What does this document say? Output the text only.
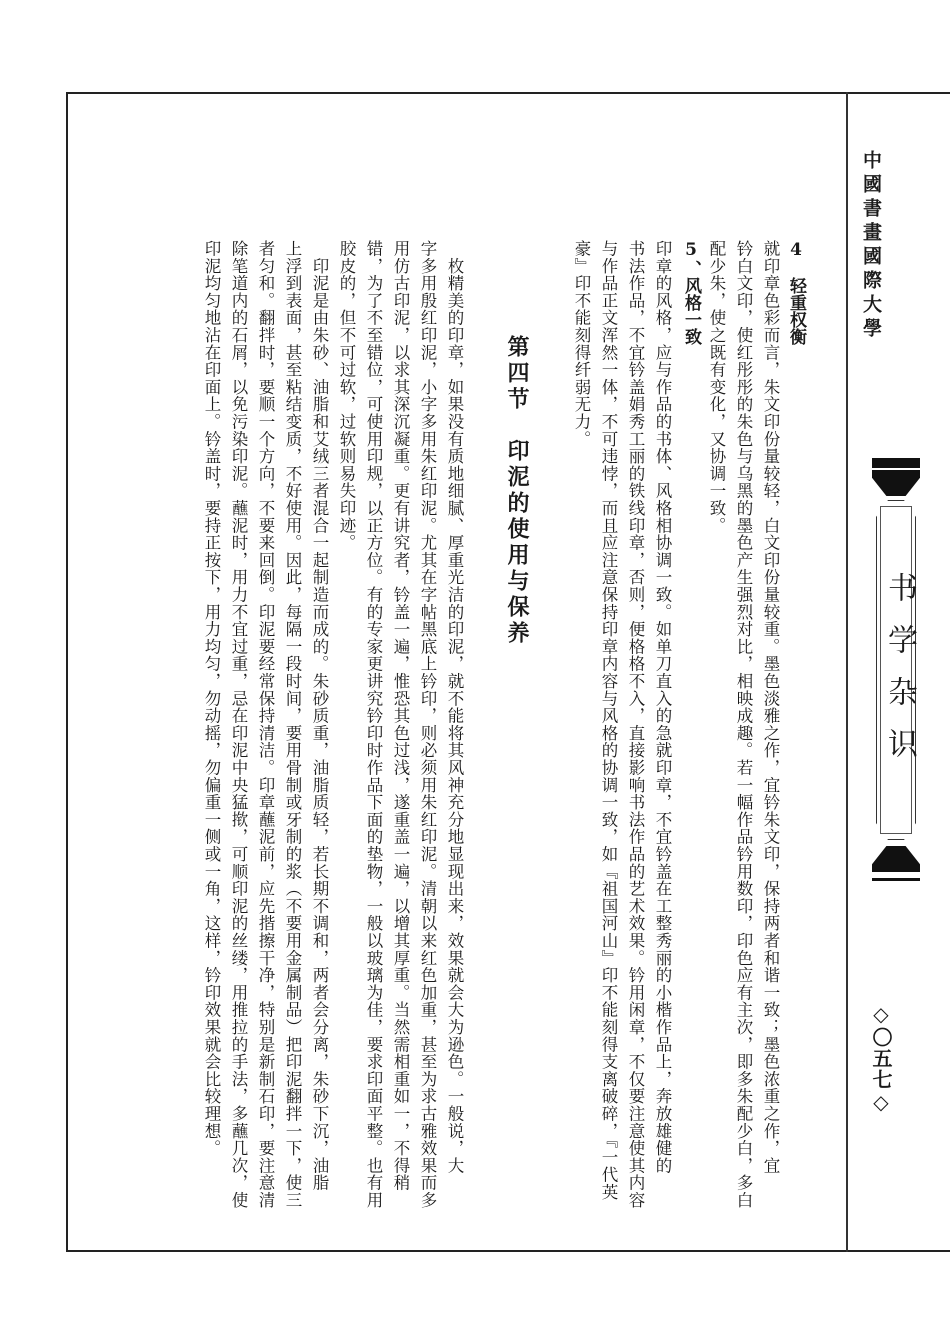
中國書畫國際大學
书学杂识
◇〇五七◇
4　轻重权衡
就印章色彩而言，朱文印份量较轻，白文印份量较重。墨色淡雅之作，宜钤朱文印，保持两者和谐一致；墨色浓重之作，宜
钤白文印，使红彤彤的朱色与乌黑的墨色产生强烈对比，相映成趣。若一幅作品钤用数印，印色应有主次，即多朱配少白，多白
配少朱，使之既有变化，又协调一致。
5、风格一致
印章的风格，应与作品的书体、风格相协调一致。如单刀直入的急就印章，不宜钤盖在工整秀丽的小楷作品上，奔放雄健的
书法作品，不宜钤盖娟秀工丽的铁线印章，否则，便格格不入，直接影响书法作品的艺术效果。钤用闲章，不仅要注意使其内容
与作品正文浑然一体，不可违悖，而且应注意保持印章内容与风格的协调一致，如『祖国河山』印不能刻得支离破碎，『一代英
豪』印不能刻得纤弱无力。
第四节　印泥的使用与保养
　枚精美的印章，如果没有质地细腻、厚重光洁的印泥，就不能将其风神充分地显现出来，效果就会大为逊色。一般说，大
字多用殷红印泥，小字多用朱红印泥。尤其在字帖黑底上钤印，则必须用朱红印泥。清朝以来红色加重，甚至为求古雅效果而多
用仿古印泥，以求其深沉凝重。更有讲究者，钤盖一遍，惟恐其色过浅，遂重盖一遍，以增其厚重。当然需相重如一，不得稍
错，为了不至错位，可使用印规，以正方位。有的专家更讲究钤印时作品下面的垫物，一般以玻璃为佳，要求印面平整。也有用
胶皮的，但不可过软，过软则易失印迹。
　印泥是由朱砂、油脂和艾绒三者混合一起制造而成的。朱砂质重，油脂质轻，若长期不调和，两者会分离，朱砂下沉，油脂
上浮到表面，甚至粘结变质，不好使用。因此，每隔一段时间，要用骨制或牙制的浆（不要用金属制品）把印泥翻拌一下，使三
者匀和。翻拌时，要顺一个方向，不要来回倒。印泥要经常保持清洁。印章蘸泥前，应先揩擦干净，特别是新制石印，要注意清
除笔道内的石屑，以免污染印泥。蘸泥时，用力不宜过重，忌在印泥中央猛揿，可顺印泥的丝缕，用推拉的手法，多蘸几次，使
印泥均匀地沾在印面上。钤盖时，要持正按下，用力均匀，勿动摇，勿偏重一侧或一角，这样，钤印效果就会比较理想。
